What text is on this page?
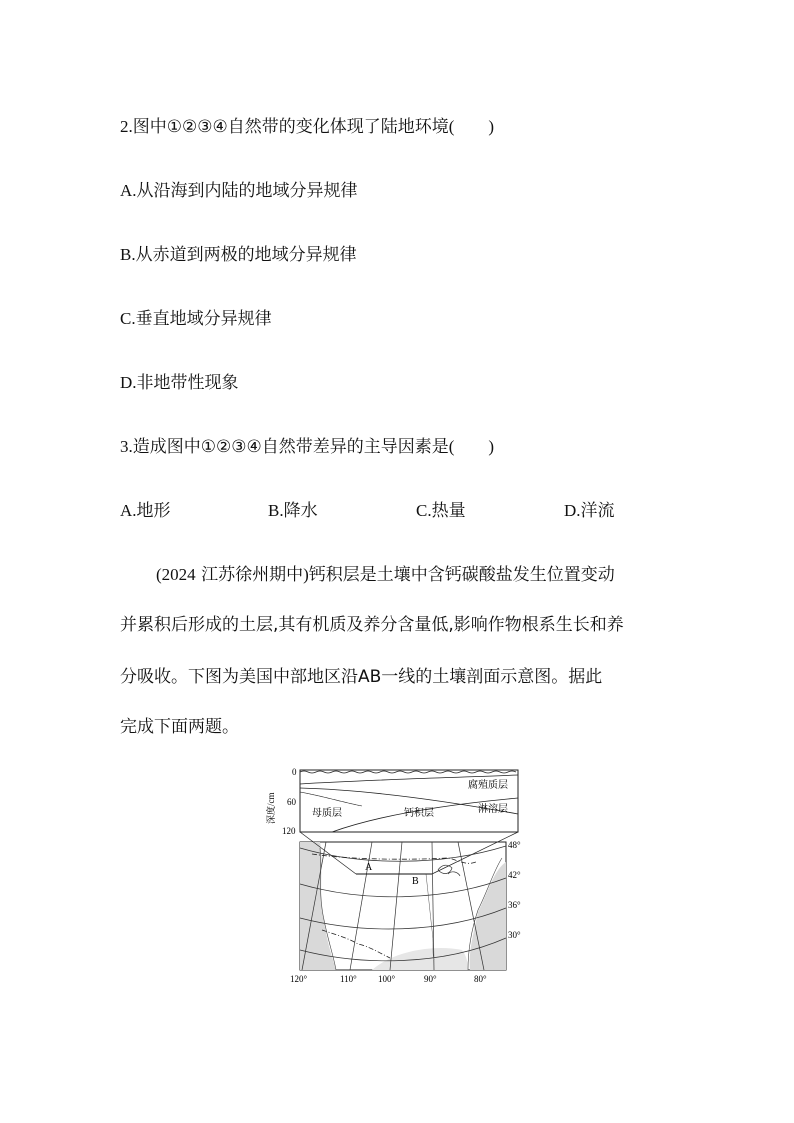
2.图中①②③④自然带的变化体现了陆地环境(　　)
A.从沿海到内陆的地域分异规律
B.从赤道到两极的地域分异规律
C.垂直地域分异规律
D.非地带性现象
3.造成图中①②③④自然带差异的主导因素是(　　)
A.地形	B.降水	C.热量	D.洋流
(2024 江苏徐州期中)钙积层是土壤中含钙碳酸盐发生位置变动
并累积后形成的土层,其有机质及养分含量低,影响作物根系生长和养
分吸收。下图为美国中部地区沿AB一线的土壤剖面示意图。据此
完成下面两题。
深度/cm
0
60
120
腐殖质层
淋溶层
母质层	钙积层
A
B
48°
42°
36°
30°
120°	110° 100°	90°	80°
